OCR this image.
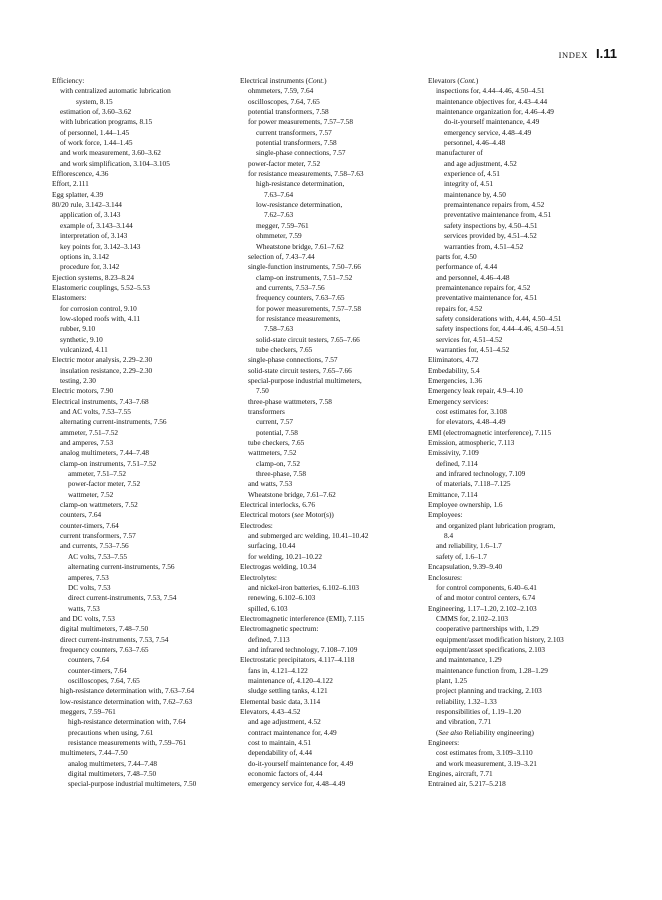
INDEX I.11
Efficiency:
with centralized automatic lubrication
system, 8.15
estimation of, 3.60–3.62
with lubrication programs, 8.15
of personnel, 1.44–1.45
of work force, 1.44–1.45
and work measurement, 3.60–3.62
and work simplification, 3.104–3.105
Efflorescence, 4.36
Effort, 2.111
Egg splatter, 4.39
80/20 rule, 3.142–3.144
application of, 3.143
example of, 3.143–3.144
interpretation of, 3.143
key points for, 3.142–3.143
options in, 3.142
procedure for, 3.142
Ejection systems, 8.23–8.24
Elastomeric couplings, 5.52–5.53
Elastomers:
for corrosion control, 9.10
low-sloped roofs with, 4.11
rubber, 9.10
synthetic, 9.10
vulcanized, 4.11
Electric motor analysis, 2.29–2.30
insulation resistance, 2.29–2.30
testing, 2.30
Electric motors, 7.90
Electrical instruments, 7.43–7.68
and AC volts, 7.53–7.55
alternating current-instruments, 7.56
ammeter, 7.51–7.52
and amperes, 7.53
analog multimeters, 7.44–7.48
clamp-on instruments, 7.51–7.52
ammeter, 7.51–7.52
power-factor meter, 7.52
wattmeter, 7.52
clamp-on wattmeters, 7.52
counters, 7.64
counter-timers, 7.64
current transformers, 7.57
and currents, 7.53–7.56
AC volts, 7.53–7.55
alternating current-instruments, 7.56
amperes, 7.53
DC volts, 7.53
direct current-instruments, 7.53, 7.54
watts, 7.53
and DC volts, 7.53
digital multimeters, 7.48–7.50
direct current-instruments, 7.53, 7.54
frequency counters, 7.63–7.65
counters, 7.64
counter-timers, 7.64
oscilloscopes, 7.64, 7.65
high-resistance determination with, 7.63–7.64
low-resistance determination with, 7.62–7.63
meggers, 7.59–761
high-resistance determination with, 7.64
precautions when using, 7.61
resistance measurements with, 7.59–761
multimeters, 7.44–7.50
analog multimeters, 7.44–7.48
digital multimeters, 7.48–7.50
special-purpose industrial multimeters, 7.50
Electrical instruments (Cont.)
ohmmeters, 7.59, 7.64
oscilloscopes, 7.64, 7.65
potential transformers, 7.58
for power measurements, 7.57–7.58
current transformers, 7.57
potential transformers, 7.58
single-phase connections, 7.57
power-factor meter, 7.52
for resistance measurements, 7.58–7.63
high-resistance determination,
7.63–7.64
low-resistance determination,
7.62–7.63
megger, 7.59–761
ohmmeter, 7.59
Wheatstone bridge, 7.61–7.62
selection of, 7.43–7.44
single-function instruments, 7.50–7.66
clamp-on instruments, 7.51–7.52
and currents, 7.53–7.56
frequency counters, 7.63–7.65
for power measurements, 7.57–7.58
for resistance measurements,
7.58–7.63
solid-state circuit testers, 7.65–7.66
tube checkers, 7.65
single-phase connections, 7.57
solid-state circuit testers, 7.65–7.66
special-purpose industrial multimeters,
7.50
three-phase wattmeters, 7.58
transformers
current, 7.57
potential, 7.58
tube checkers, 7.65
wattmeters, 7.52
clamp-on, 7.52
three-phase, 7.58
and watts, 7.53
Wheatstone bridge, 7.61–7.62
Electrical interlocks, 6.76
Electrical motors (see Motor(s))
Electrodes:
and submerged arc welding, 10.41–10.42
surfacing, 10.44
for welding, 10.21–10.22
Electrogas welding, 10.34
Electrolytes:
and nickel-iron batteries, 6.102–6.103
renewing, 6.102–6.103
spilled, 6.103
Electromagnetic interference (EMI), 7.115
Electromagnetic spectrum:
defined, 7.113
and infrared technology, 7.108–7.109
Electrostatic precipitators, 4.117–4.118
fans in, 4.121–4.122
maintenance of, 4.120–4.122
sludge settling tanks, 4.121
Elemental basic data, 3.114
Elevators, 4.43–4.52
and age adjustment, 4.52
contract maintenance for, 4.49
cost to maintain, 4.51
dependability of, 4.44
do-it-yourself maintenance for, 4.49
economic factors of, 4.44
emergency service for, 4.48–4.49
Elevators (Cont.)
inspections for, 4.44–4.46, 4.50–4.51
maintenance objectives for, 4.43–4.44
maintenance organization for, 4.46–4.49
do-it-yourself maintenance, 4.49
emergency service, 4.48–4.49
personnel, 4.46–4.48
manufacturer of
and age adjustment, 4.52
experience of, 4.51
integrity of, 4.51
maintenance by, 4.50
premaintenance repairs from, 4.52
preventative maintenance from, 4.51
safety inspections by, 4.50–4.51
services provided by, 4.51–4.52
warranties from, 4.51–4.52
parts for, 4.50
performance of, 4.44
and personnel, 4.46–4.48
premaintenance repairs for, 4.52
preventative maintenance for, 4.51
repairs for, 4.52
safety considerations with, 4.44, 4.50–4.51
safety inspections for, 4.44–4.46, 4.50–4.51
services for, 4.51–4.52
warranties for, 4.51–4.52
Eliminators, 4.72
Embedability, 5.4
Emergencies, 1.36
Emergency leak repair, 4.9–4.10
Emergency services:
cost estimates for, 3.108
for elevators, 4.48–4.49
EMI (electromagnetic interference), 7.115
Emission, atmospheric, 7.113
Emissivity, 7.109
defined, 7.114
and infrared technology, 7.109
of materials, 7.118–7.125
Emittance, 7.114
Employee ownership, 1.6
Employees:
and organized plant lubrication program,
8.4
and reliability, 1.6–1.7
safety of, 1.6–1.7
Encapsulation, 9.39–9.40
Enclosures:
for control components, 6.40–6.41
of and motor control centers, 6.74
Engineering, 1.17–1.20, 2.102–2.103
CMMS for, 2.102–2.103
cooperative partnerships with, 1.29
equipment/asset modification history, 2.103
equipment/asset specifications, 2.103
and maintenance, 1.29
maintenance function from, 1.28–1.29
plant, 1.25
project planning and tracking, 2.103
reliability, 1.32–1.33
responsibilities of, 1.19–1.20
and vibration, 7.71
(See also Reliability engineering)
Engineers:
cost estimates from, 3.109–3.110
and work measurement, 3.19–3.21
Engines, aircraft, 7.71
Entrained air, 5.217–5.218
